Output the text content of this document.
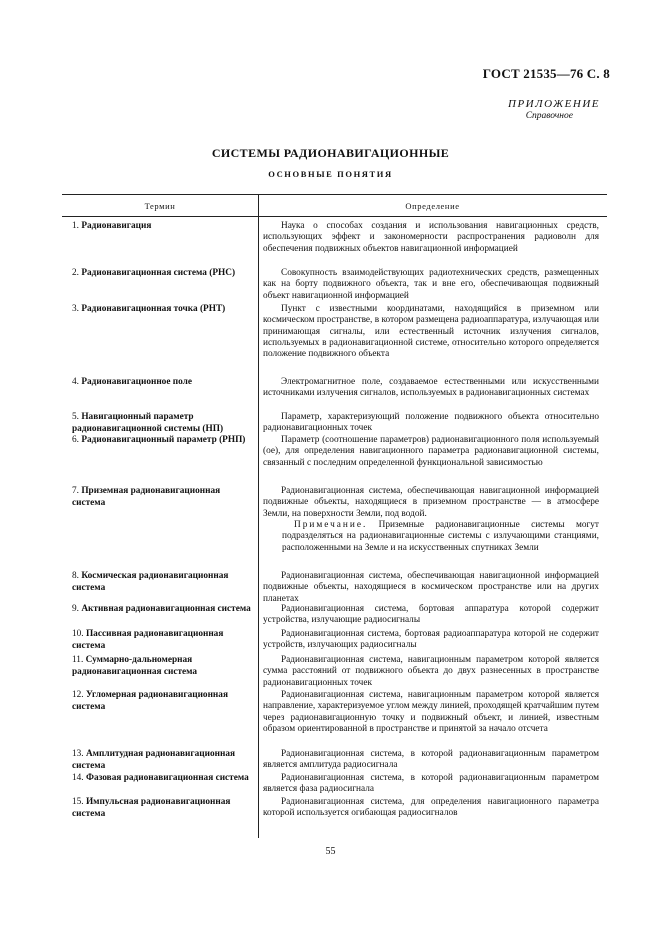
ГОСТ 21535—76 С. 8
ПРИЛОЖЕНИЕ
Справочное
СИСТЕМЫ РАДИОНАВИГАЦИОННЫЕ
ОСНОВНЫЕ ПОНЯТИЯ
Термин	Определение
1. Радионавигация	Наука о способах создания и использования навигационных средств, использующих эффект и закономерности распространения радиоволн для обеспечения подвижных объектов навигационной информацией
2. Радионавигационная система (РНС)	Совокупность взаимодействующих радиотехнических средств, размещенных как на борту подвижного объекта, так и вне его, обеспечивающая подвижный объект навигационной информацией
3. Радионавигационная точка (РНТ)	Пункт с известными координатами, находящийся в приземном или космическом пространстве, в котором размещена радиоаппаратура, излучающая или принимающая сигналы, или естественный источник излучения сигналов, используемых в радионавигационной системе, относительно которого определяется положение подвижного объекта
4. Радионавигационное поле	Электромагнитное поле, создаваемое естественными или искусственными источниками излучения сигналов, используемых в радионавигационных системах
5. Навигационный параметр радионавигационной системы (НП)
Параметр, характеризующий положение подвижного объекта относительно радионавигационных точек
6. Радионавигационный параметр (РНП)	Параметр (соотношение параметров) радионавигационного поля используемый (ое), для определения навигационного параметра радионавигационной системы, связанный с последним определенной функциональной зависимостью
7. Приземная радионавигационная система
Радионавигационная система, обеспечивающая навигационной информацией подвижные объекты, находящиеся в приземном пространстве — в атмосфере Земли, на поверхности Земли, под водой.
Примечание. Приземные радионавигационные системы могут подразделяться на радионавигационные системы с излучающими станциями, расположенными на Земле и на искусственных спутниках Земли
8. Космическая радионавигационная система
Радионавигационная система, обеспечивающая навигационной информацией подвижные объекты, находящиеся в космическом пространстве или на других планетах
9. Активная радионавигационная система	Радионавигационная система, бортовая аппаратура которой содержит устройства, излучающие радиосигналы
10. Пассивная радионавигационная система
Радионавигационная система, бортовая радиоаппаратура которой не содержит устройств, излучающих радиосигналы
11. Суммарно-дальномерная радионавигационная система
Радионавигационная система, навигационным параметром которой является сумма расстояний от подвижного объекта до двух разнесенных в пространстве радионавигационных точек
12. Угломерная радионавигационная система
Радионавигационная система, навигационным параметром которой является направление, характеризуемое углом между линией, проходящей кратчайшим путем через радионавигационную точку и подвижный объект, и линией, известным образом ориентированной в пространстве и принятой за начало отсчета
13. Амплитудная радионавигационная система
Радионавигационная система, в которой радионавигационным параметром является амплитуда радиосигнала
14. Фазовая радионавигационная система	Радионавигационная система, в которой радионавигационным параметром является фаза радиосигнала
15. Импульсная радионавигационная система
Радионавигационная система, для определения навигационного параметра которой используется огибающая радиосигналов
55
